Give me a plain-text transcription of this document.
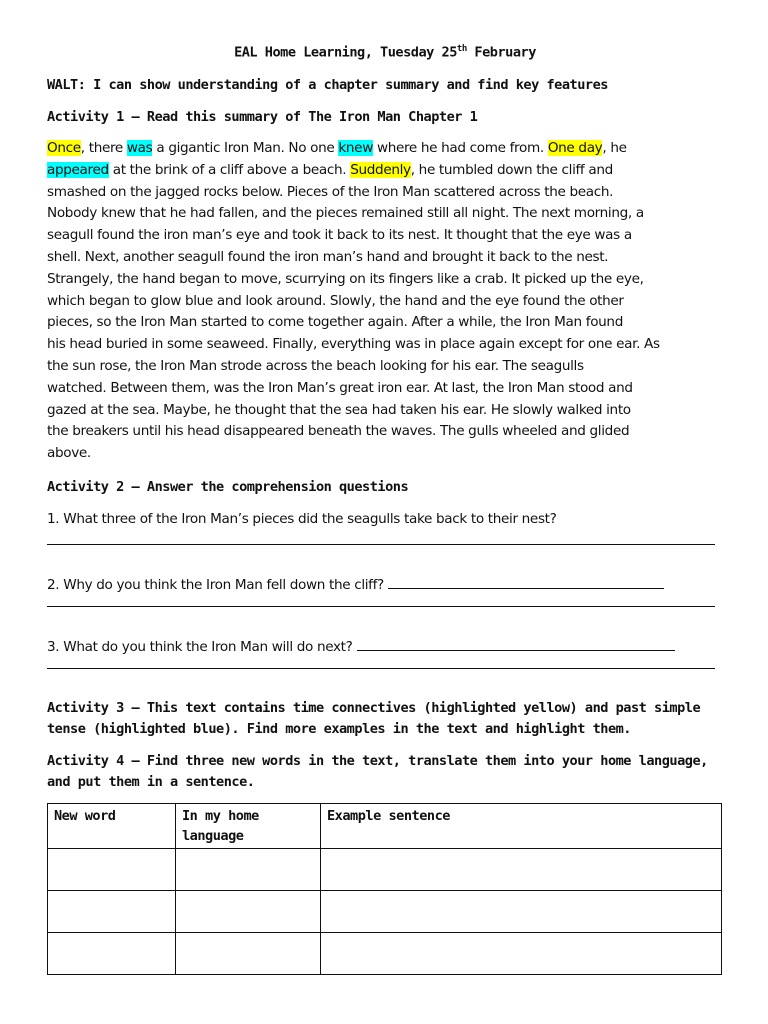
EAL Home Learning, Tuesday 25th February
WALT: I can show understanding of a chapter summary and find key features
Activity 1 – Read this summary of The Iron Man Chapter 1
Once, there was a gigantic Iron Man. No one knew where he had come from. One day, he
appeared at the brink of a cliff above a beach. Suddenly, he tumbled down the cliff and
smashed on the jagged rocks below. Pieces of the Iron Man scattered across the beach.
Nobody knew that he had fallen, and the pieces remained still all night. The next morning, a
seagull found the iron man’s eye and took it back to its nest. It thought that the eye was a
shell. Next, another seagull found the iron man’s hand and brought it back to the nest.
Strangely, the hand began to move, scurrying on its fingers like a crab. It picked up the eye,
which began to glow blue and look around. Slowly, the hand and the eye found the other
pieces, so the Iron Man started to come together again. After a while, the Iron Man found
his head buried in some seaweed. Finally, everything was in place again except for one ear. As
the sun rose, the Iron Man strode across the beach looking for his ear. The seagulls
watched. Between them, was the Iron Man’s great iron ear. At last, the Iron Man stood and
gazed at the sea. Maybe, he thought that the sea had taken his ear. He slowly walked into
the breakers until his head disappeared beneath the waves. The gulls wheeled and glided
above.
Activity 2 – Answer the comprehension questions
1. What three of the Iron Man’s pieces did the seagulls take back to their nest?
2. Why do you think the Iron Man fell down the cliff?
3. What do you think the Iron Man will do next?
Activity 3 – This text contains time connectives (highlighted yellow) and past simple tense (highlighted blue). Find more examples in the text and highlight them.
Activity 4 – Find three new words in the text, translate them into your home language, and put them in a sentence.
New word	In my home language	Example sentence
